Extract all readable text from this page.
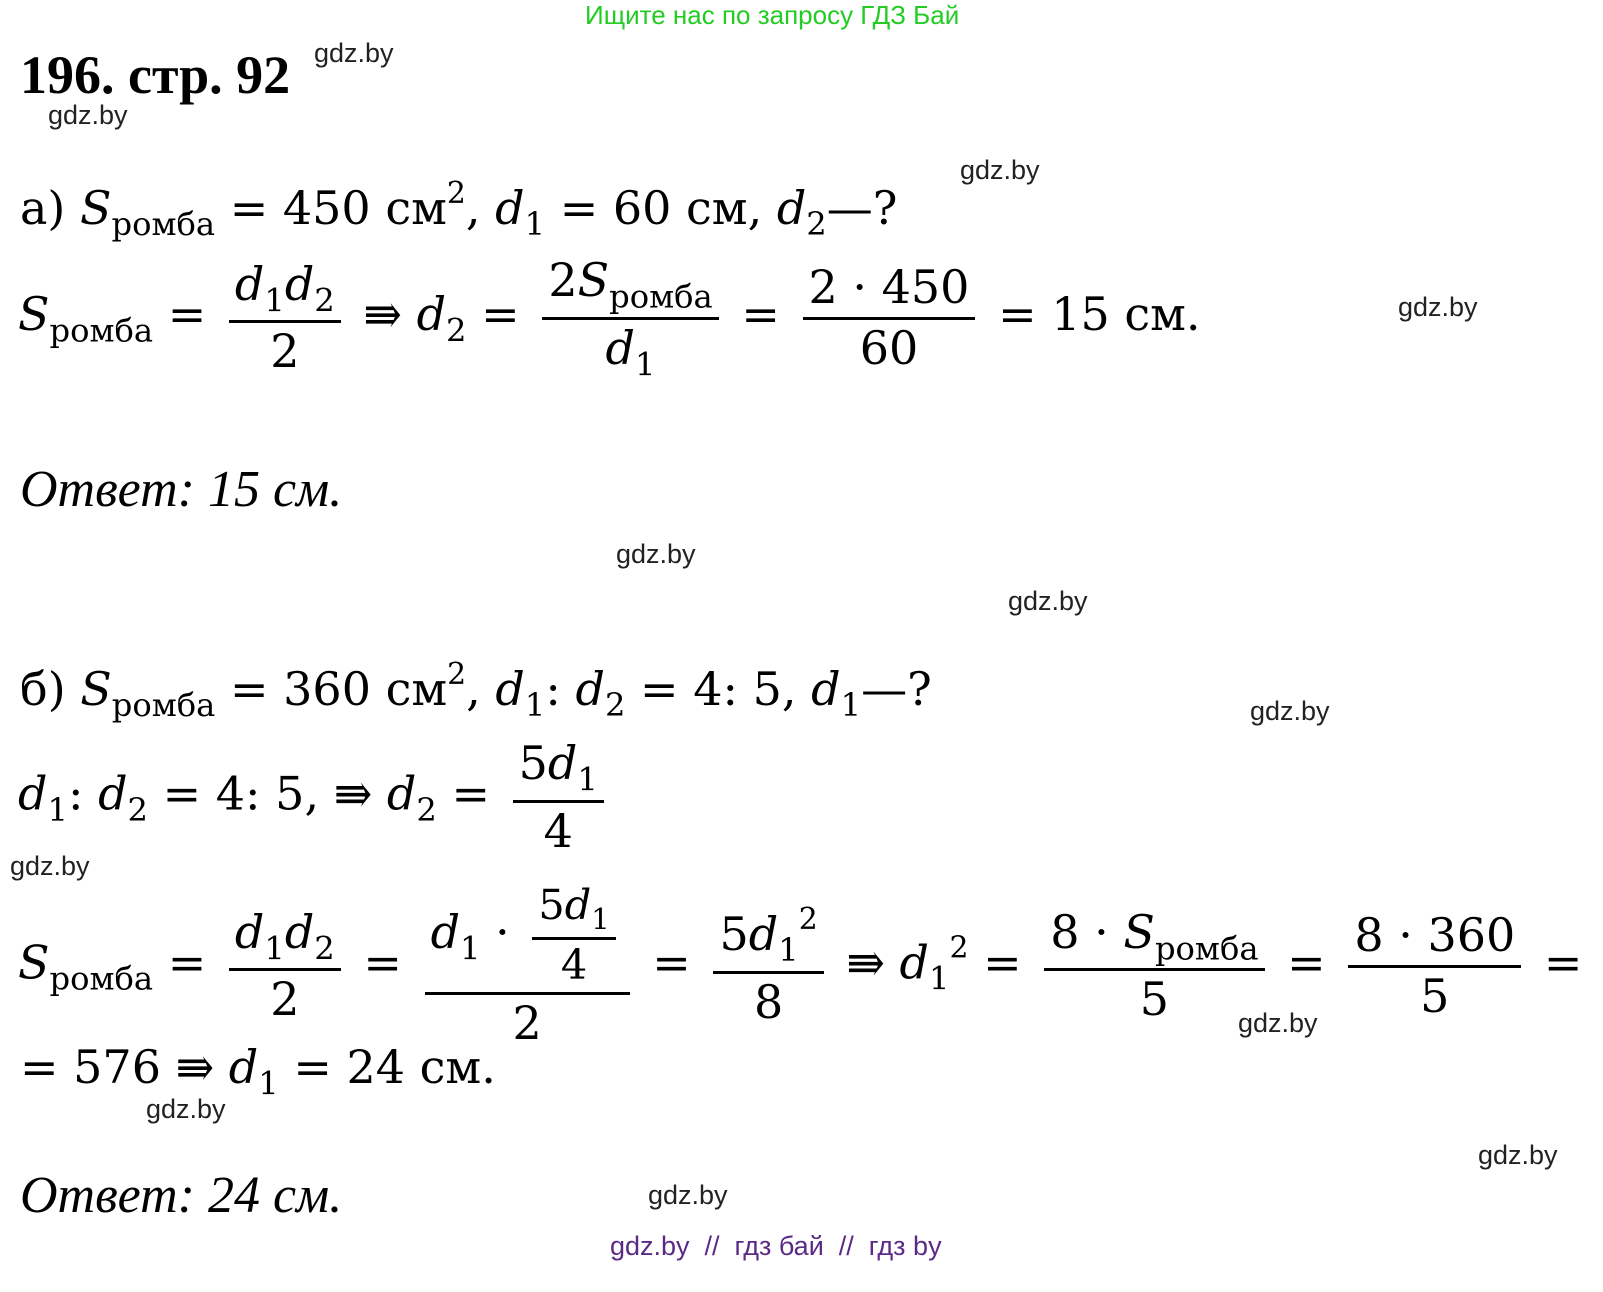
Ищите нас по запросу ГДЗ Бай
196. стр. 92 gdz.by
gdz.by
gdz.by
gdz.by
gdz.by
gdz.by
gdz.by
gdz.by
gdz.by
gdz.by
gdz.by
gdz.by
а) $S_{ромба} = 450$ $см^2$, $d_1 = 60$ см, $d_2—$?
$S_{ромба} = \frac{d_1d_2}{2}$ ⇛ $d_2 = \frac{2S_{ромба}}{d_1} = \frac{2 \cdot 450}{60} = 15$ см.
Ответ: 15 см.
б) $S_{ромба} = 360$ $см^2$, $d_1$: $d_2 = 4$: 5, $d_1—$?
$d_1$: $d_2 = 4$: 5, ⇛ $d_2 = \frac{5d_1}{4}$
$S_{ромба} = \frac{d_1d_2}{2} = \frac{d_1 \cdot \frac{5d_1}{4}}{2} = \frac{5d_1^2}{8}$ ⇛ $d_1^2 = \frac{8 \cdot S_{ромба}}{5} = \frac{8 \cdot 360}{5}$ =
= 576 ⇛ $d_1 = 24$ см.
Ответ: 24 см.
gdz.by  //  гдз бай  //  гдз by
